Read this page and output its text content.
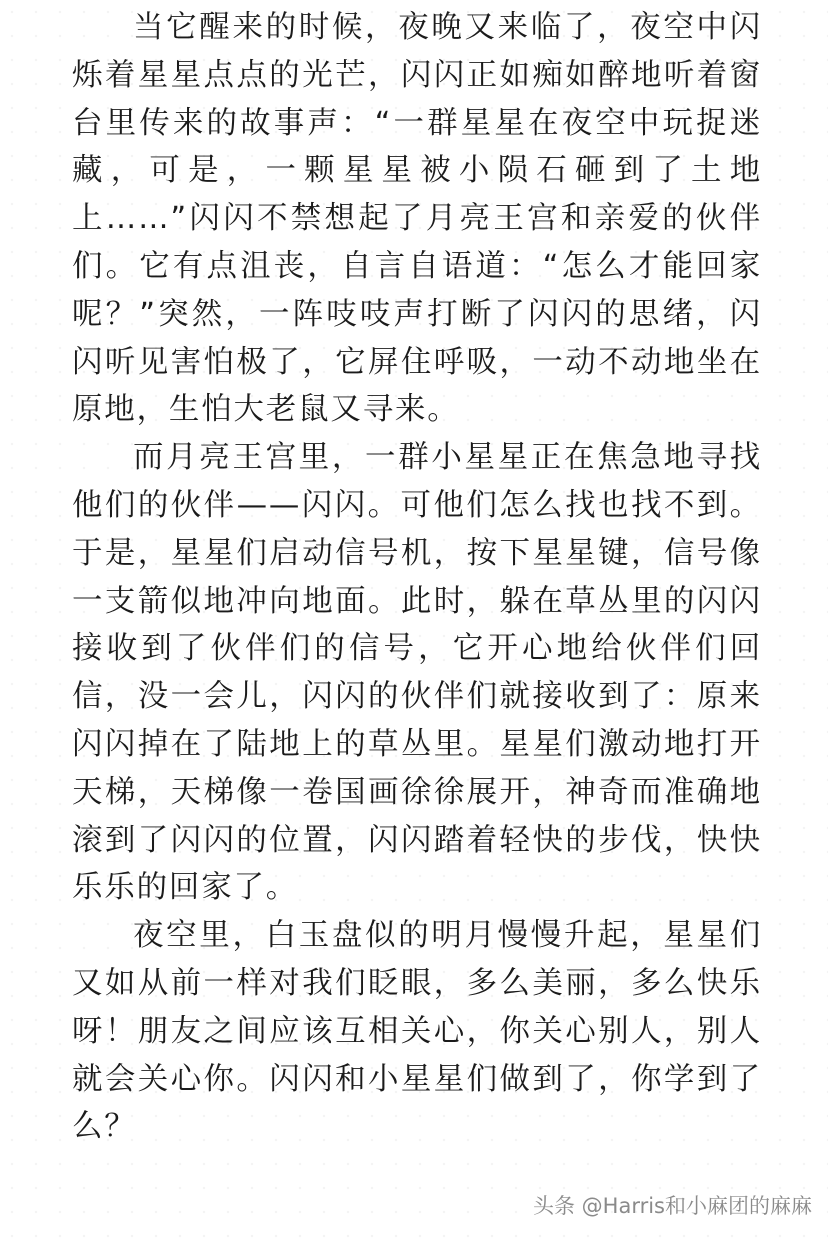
当它醒来的时候，夜晚又来临了，夜空中闪烁着星星点点的光芒，闪闪正如痴如醉地听着窗台里传来的故事声：“一群星星在夜空中玩捉迷藏，可是，一颗星星被小陨石砸到了土地上……”闪闪不禁想起了月亮王宫和亲爱的伙伴们。它有点沮丧，自言自语道：“怎么才能回家呢？”突然，一阵吱吱声打断了闪闪的思绪，闪闪听见害怕极了，它屏住呼吸，一动不动地坐在原地，生怕大老鼠又寻来。

而月亮王宫里，一群小星星正在焦急地寻找他们的伙伴——闪闪。可他们怎么找也找不到。于是，星星们启动信号机，按下星星键，信号像一支箭似地冲向地面。此时，躲在草丛里的闪闪接收到了伙伴们的信号，它开心地给伙伴们回信，没一会儿，闪闪的伙伴们就接收到了：原来闪闪掉在了陆地上的草丛里。星星们激动地打开天梯，天梯像一卷国画徐徐展开，神奇而准确地滚到了闪闪的位置，闪闪踏着轻快的步伐，快快乐乐的回家了。

夜空里，白玉盘似的明月慢慢升起，星星们又如从前一样对我们眨眼，多么美丽，多么快乐呀！朋友之间应该互相关心，你关心别人，别人就会关心你。闪闪和小星星们做到了，你学到了么？

头条 @Harris和小麻团的麻麻
